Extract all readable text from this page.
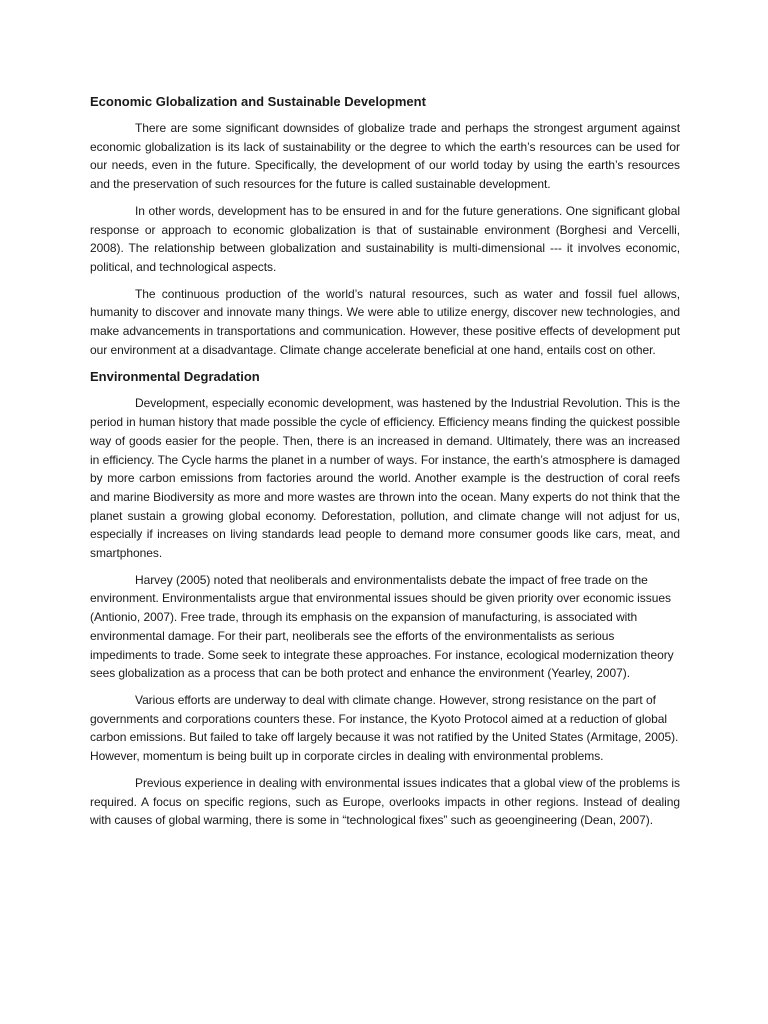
Economic Globalization and Sustainable Development

There are some significant downsides of globalize trade and perhaps the strongest argument against economic globalization is its lack of sustainability or the degree to which the earth’s resources can be used for our needs, even in the future. Specifically, the development of our world today by using the earth’s resources and the preservation of such resources for the future is called sustainable development.

In other words, development has to be ensured in and for the future generations. One significant global response or approach to economic globalization is that of sustainable environment (Borghesi and Vercelli, 2008). The relationship between globalization and sustainability is multi-dimensional --- it involves economic, political, and technological aspects.

The continuous production of the world’s natural resources, such as water and fossil fuel allows, humanity to discover and innovate many things. We were able to utilize energy, discover new technologies, and make advancements in transportations and communication. However, these positive effects of development put our environment at a disadvantage. Climate change accelerate beneficial at one hand, entails cost on other.

Environmental Degradation

Development, especially economic development, was hastened by the Industrial Revolution. This is the period in human history that made possible the cycle of efficiency. Efficiency means finding the quickest possible way of goods easier for the people. Then, there is an increased in demand. Ultimately, there was an increased in efficiency. The Cycle harms the planet in a number of ways. For instance, the earth’s atmosphere is damaged by more carbon emissions from factories around the world. Another example is the destruction of coral reefs and marine Biodiversity as more and more wastes are thrown into the ocean. Many experts do not think that the planet sustain a growing global economy. Deforestation, pollution, and climate change will not adjust for us, especially if increases on living standards lead people to demand more consumer goods like cars, meat, and smartphones.

Harvey (2005) noted that neoliberals and environmentalists debate the impact of free trade on the environment. Environmentalists argue that environmental issues should be given priority over economic issues (Antionio, 2007). Free trade, through its emphasis on the expansion of manufacturing, is associated with environmental damage. For their part, neoliberals see the efforts of the environmentalists as serious impediments to trade. Some seek to integrate these approaches. For instance, ecological modernization theory sees globalization as a process that can be both protect and enhance the environment (Yearley, 2007).

Various efforts are underway to deal with climate change. However, strong resistance on the part of governments and corporations counters these. For instance, the Kyoto Protocol aimed at a reduction of global carbon emissions. But failed to take off largely because it was not ratified by the United States (Armitage, 2005). However, momentum is being built up in corporate circles in dealing with environmental problems.

Previous experience in dealing with environmental issues indicates that a global view of the problems is required. A focus on specific regions, such as Europe, overlooks impacts in other regions. Instead of dealing with causes of global warming, there is some in “technological fixes” such as geoengineering (Dean, 2007).
